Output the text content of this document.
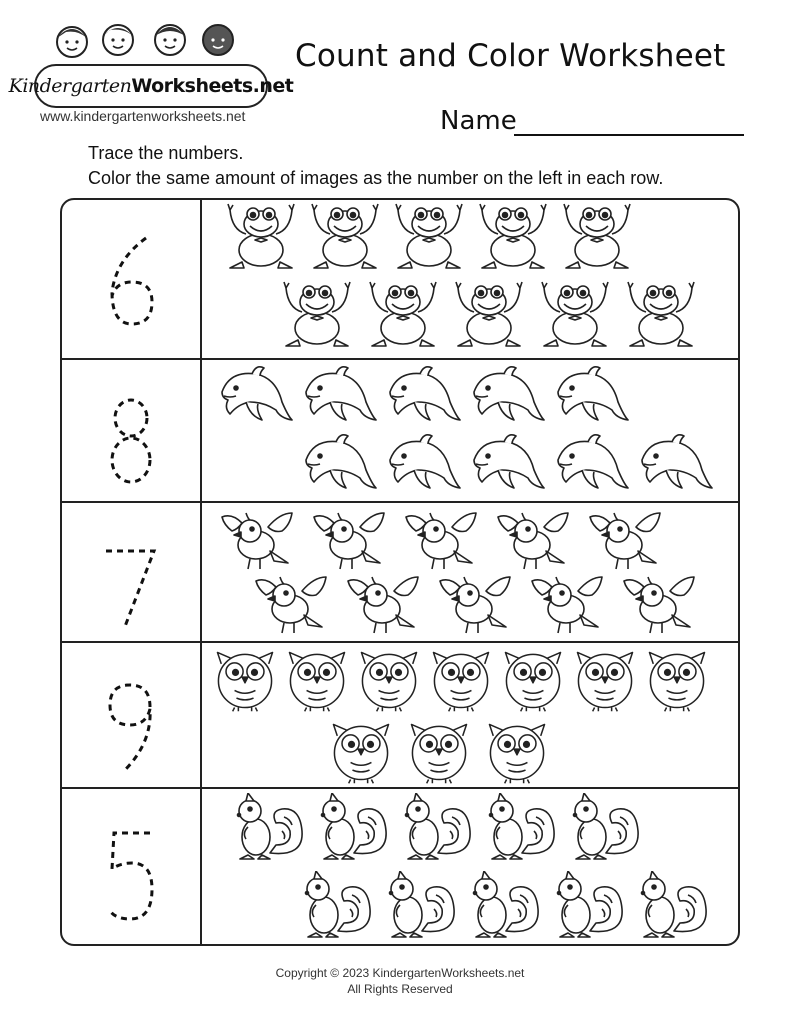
Kindergarten Worksheets.net
www.kindergartenworksheets.net
Count and Color Worksheet
Name
Trace the numbers.
Color the same amount of images as the number on the left in each row.
Copyright © 2023 KindergartenWorksheets.net
All Rights Reserved
